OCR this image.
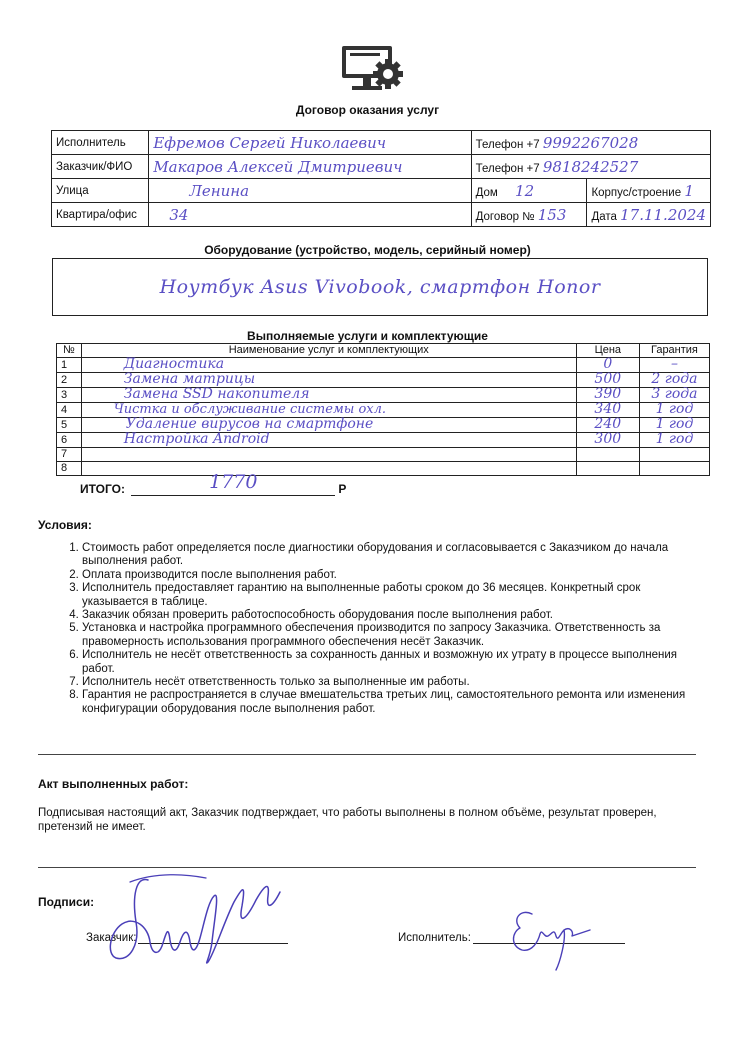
Договор оказания услуг
Исполнитель	Ефремов Сергей Николаевич	Телефон +7 9992267028	
Заказчик/ФИО	Макаров Алексей Дмитриевич	Телефон +7 9818242527	
Улица	Ленина	Дом 12	Корпус/строение 1
Квартира/офис	34	Договор № 153	Дата 17.11.2024
Оборудование (устройство, модель, серийный номер)
Ноутбук Asus Vivobook, смартфон Honor
Выполняемые услуги и комплектующие
№	Наименование услуг и комплектующих	Цена	Гарантия
1	Диагностика	0	–
2	Замена матрицы	500	2 года
3	Замена SSD накопителя	390	3 года
4	Чистка и обслуживание системы охл.	340	1 год
5	Удаление вирусов на смартфоне	240	1 год
6	Настройка Android	300	1 год
7			
8			
ИТОГО:	1770	Р
Условия:
1. Стоимость работ определяется после диагностики оборудования и согласовывается с Заказчиком до начала выполнения работ.
2. Оплата производится после выполнения работ.
3. Исполнитель предоставляет гарантию на выполненные работы сроком до 36 месяцев. Конкретный срок указывается в таблице.
4. Заказчик обязан проверить работоспособность оборудования после выполнения работ.
5. Установка и настройка программного обеспечения производится по запросу Заказчика. Ответственность за правомерность использования программного обеспечения несёт Заказчик.
6. Исполнитель не несёт ответственность за сохранность данных и возможную их утрату в процессе выполнения работ.
7. Исполнитель несёт ответственность только за выполненные им работы.
8. Гарантия не распространяется в случае вмешательства третьих лиц, самостоятельного ремонта или изменения конфигурации оборудования после выполнения работ.
Акт выполненных работ:
Подписывая настоящий акт, Заказчик подтверждает, что работы выполнены в полном объёме, результат проверен, претензий не имеет.
Подписи:
Заказчик:	Исполнитель:
